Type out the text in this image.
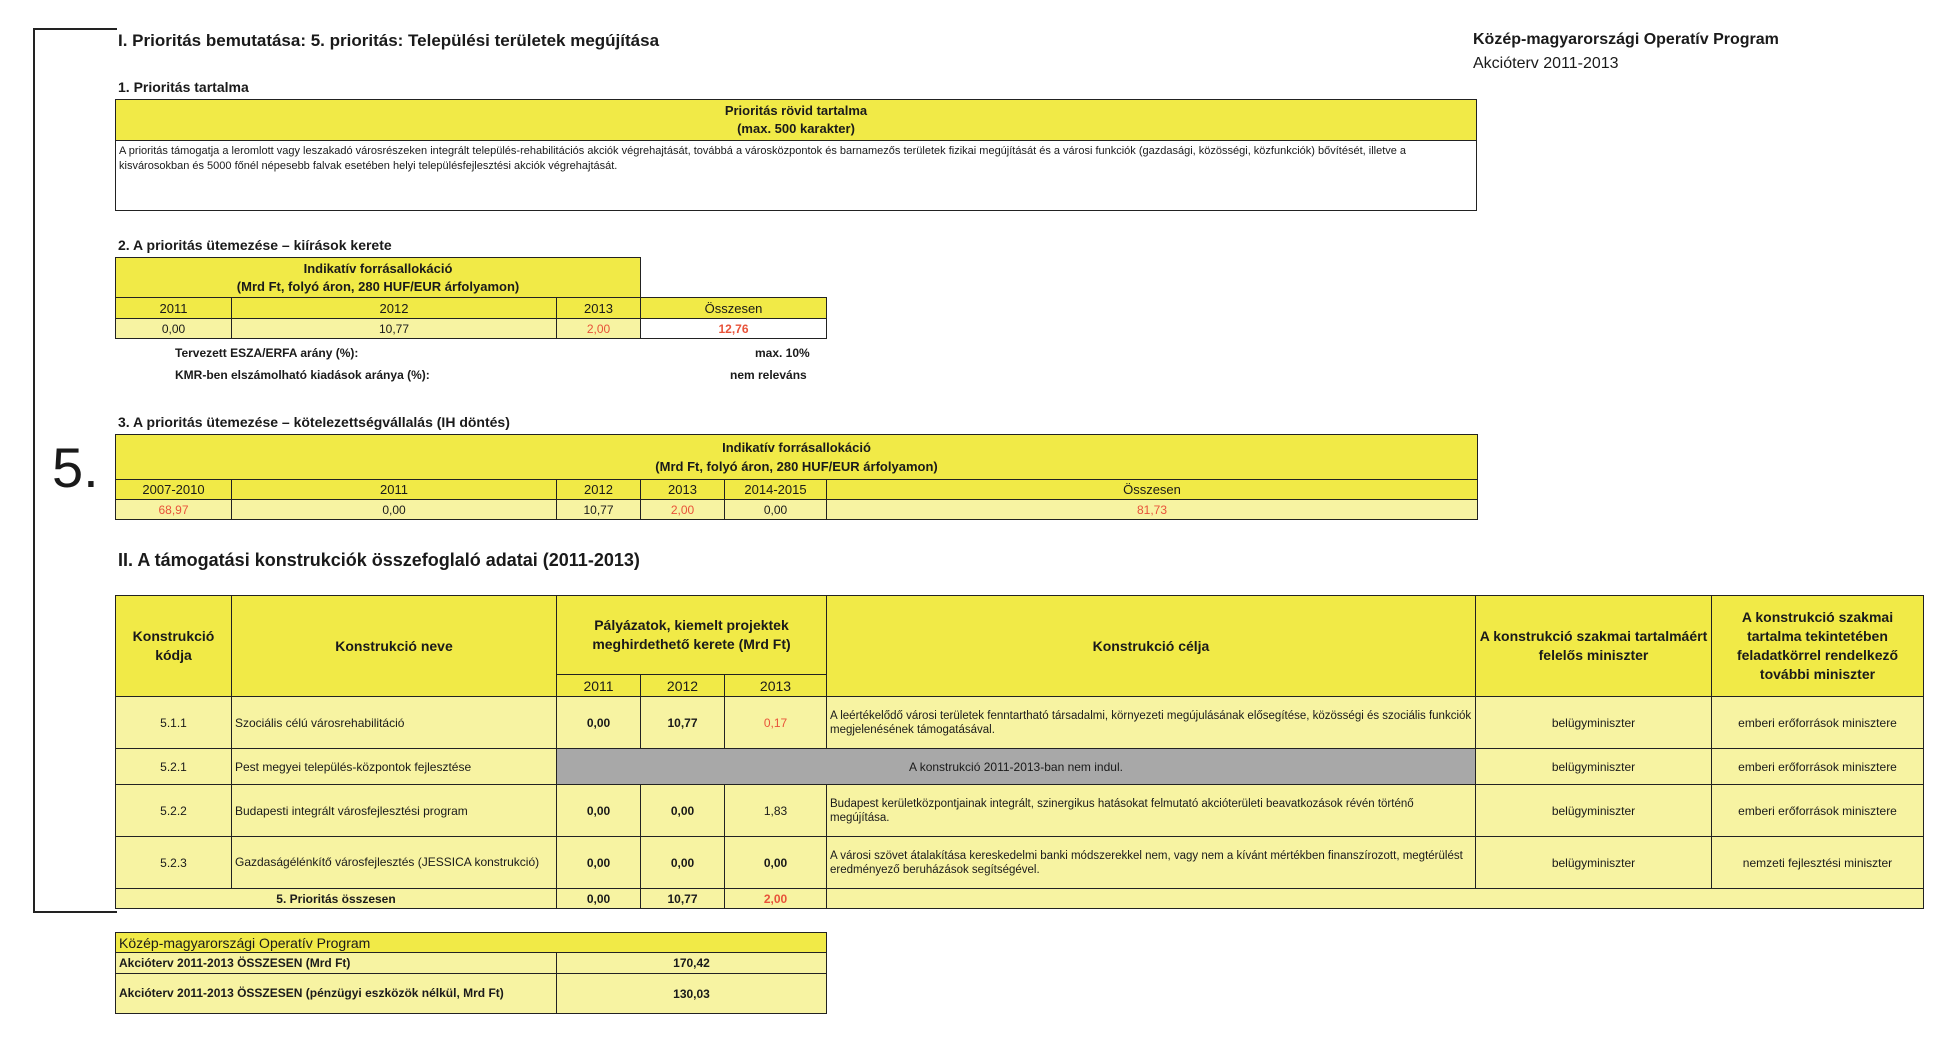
5.
I. Prioritás bemutatása: 5. prioritás: Települési területek megújítása	Közép-magyarországi Operatív Program
Akcióterv 2011-2013
1. Prioritás tartalma
Prioritás rövid tartalma
(max. 500 karakter)

A prioritás támogatja a leromlott vagy leszakadó városrészeken integrált település-rehabilitációs akciók végrehajtását, továbbá a városközpontok és barnamezős területek fizikai megújítását és a városi funkciók (gazdasági, közösségi, közfunkciók) bővítését, illetve a kisvárosokban és 5000 főnél népesebb falvak esetében helyi településfejlesztési akciók végrehajtását.
2. A prioritás ütemezése – kiírások kerete
Indikatív forrásallokáció
(Mrd Ft, folyó áron, 280 HUF/EUR árfolyamon)			

2011	2012	2013	Összesen
0,00	10,77	2,00	12,76
Tervezett ESZA/ERFA arány (%):	max. 10%
KMR-ben elszámolható kiadások aránya (%):	nem releváns
3. A prioritás ütemezése – kötelezettségvállalás (IH döntés)
Indikatív forrásallokáció
(Mrd Ft, folyó áron, 280 HUF/EUR árfolyamon)					

2007-2010	2011	2012	2013	2014-2015	Összesen
68,97	0,00	10,77	2,00	0,00	81,73
II. A támogatási konstrukciók összefoglaló adatai (2011-2013)
Konstrukció kódja	Konstrukció neve	Pályázatok, kiemelt projektek meghirdethető kerete (Mrd Ft)			Konstrukció célja	A konstrukció szakmai tartalmáért felelős miniszter	A konstrukció szakmai tartalma tekintetében feladatkörrel rendelkező további miniszter
		2011	2012	2013			
5.1.1	Szociális célú városrehabilitáció	0,00	10,77	0,17	A leértékelődő városi területek fenntartható társadalmi, környezeti megújulásának elősegítése, közösségi és szociális funkciók megjelenésének támogatásával.	belügyminiszter	emberi erőforrások minisztere
5.2.1	Pest megyei település-központok fejlesztése	A konstrukció 2011-2013-ban nem indul.				belügyminiszter	emberi erőforrások minisztere
5.2.2	Budapesti integrált városfejlesztési program	0,00	0,00	1,83	Budapest kerületközpontjainak integrált, szinergikus hatásokat felmutató akcióterületi beavatkozások révén történő megújítása.	belügyminiszter	emberi erőforrások minisztere
5.2.3	Gazdaságélénkítő városfejlesztés (JESSICA konstrukció)	0,00	0,00	0,00	A városi szövet átalakítása kereskedelmi banki módszerekkel nem, vagy nem a kívánt mértékben finanszírozott, megtérülést eredményező beruházások segítségével.	belügyminiszter	nemzeti fejlesztési miniszter
5. Prioritás összesen		0,00	10,77	2,00			
Közép-magyarországi Operatív Program	
Akcióterv 2011-2013 ÖSSZESEN (Mrd Ft)	170,42
Akcióterv 2011-2013 ÖSSZESEN (pénzügyi eszközök nélkül, Mrd Ft)	130,03
